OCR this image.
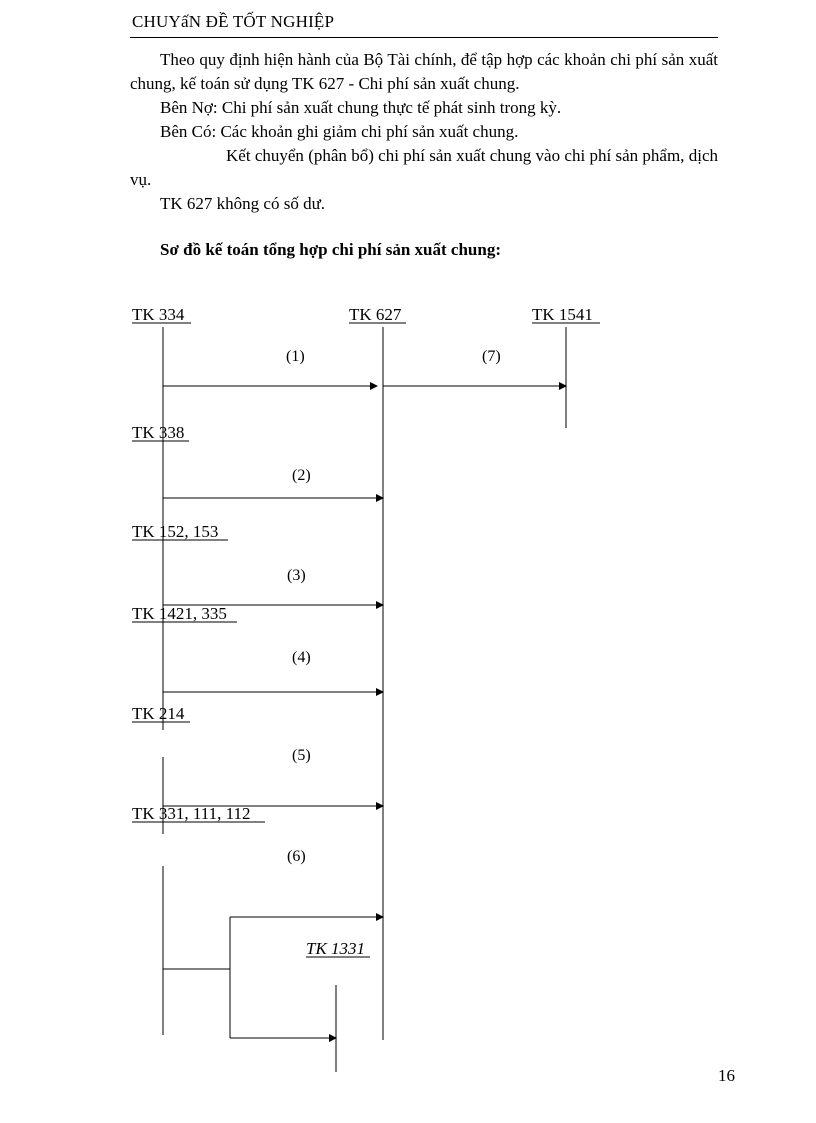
CHUYấN ĐỀ TỐT NGHIỆP

Theo quy định hiện hành của Bộ Tài chính, để tập hợp các khoản chi phí sản xuất chung, kế toán sử dụng TK 627 - Chi phí sản xuất chung.

Bên Nợ: Chi phí sản xuất chung thực tế phát sinh trong kỳ.

Bên Có: Các khoản ghi giảm chi phí sản xuất chung.

Kết chuyển (phân bổ) chi phí sản xuất chung vào chi phí sản phẩm, dịch vụ.

TK 627 không có số dư.

Sơ đồ kế toán tổng hợp chi phí sản xuất chung:
TK 334	TK 627	TK 1541
TK 338
TK 152, 153
TK 1421, 335
TK 214
TK 331, 111, 112
TK 1331
(1)	(7)
(2)
(3)
(4)
(5)
(6)
16
